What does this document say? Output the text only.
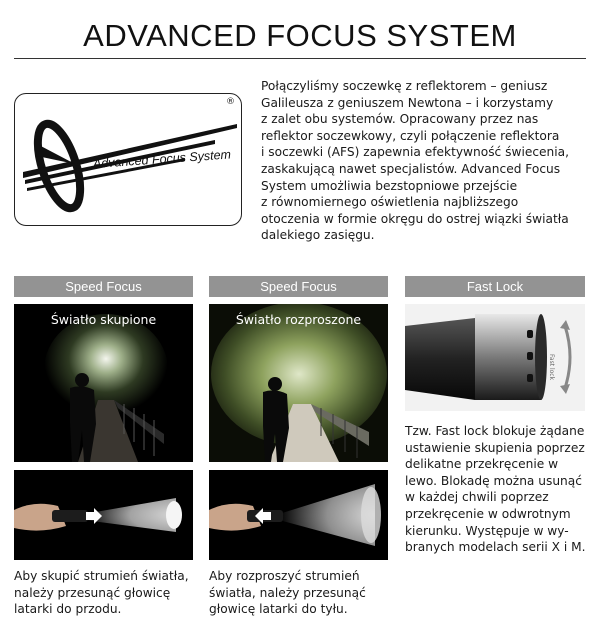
ADVANCED FOCUS SYSTEM
®
Advanced Focus System
Połączyliśmy soczewkę z reflektorem – geniusz
Galileusza z geniuszem Newtona – i korzystamy
z zalet obu systemów. Opracowany przez nas
reflektor soczewkowy, czyli połączenie reflektora
i soczewki (AFS) zapewnia efektywność świecenia,
zaskakującą nawet specjalistów. Advanced Focus
System umożliwia bezstopniowe przejście
z równomiernego oświetlenia najbliższego
otoczenia w formie okręgu do ostrej wiązki światła
dalekiego zasięgu.
Speed Focus	Speed Focus	Fast Lock
Światło skupione	Światło rozproszone
Fast lock
Aby skupić strumień światła,
należy przesunąć głowicę
latarki do przodu.
Aby rozproszyć strumień
światła, należy przesunąć
głowicę latarki do tyłu.
Tzw. Fast lock blokuje żądane
ustawienie skupienia poprzez
delikatne przekręcenie w
lewo. Blokadę można usunąć
w każdej chwili poprzez
przekręcenie w odwrotnym
kierunku. Występuje w wy-
branych modelach serii X i M.
